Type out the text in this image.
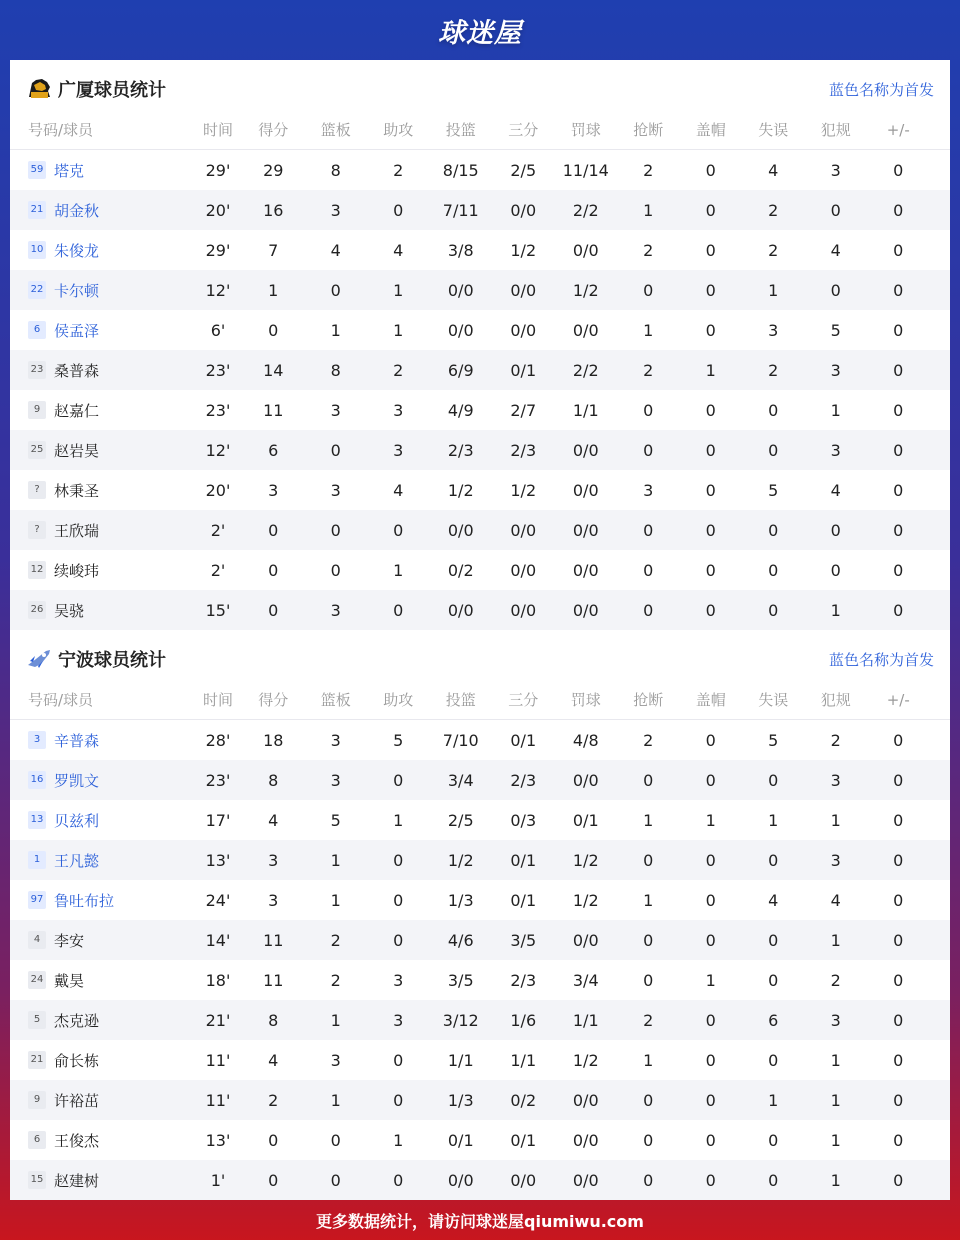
球迷屋
广厦球员统计	蓝色名称为首发
号码/球员	时间	得分	篮板	助攻	投篮	三分	罚球	抢断	盖帽	失误	犯规	+/-
59 塔克	29'	29	8	2	8/15	2/5	11/14	2	0	4	3	0
21 胡金秋	20'	16	3	0	7/11	0/0	2/2	1	0	2	0	0
10 朱俊龙	29'	7	4	4	3/8	1/2	0/0	2	0	2	4	0
22 卡尔顿	12'	1	0	1	0/0	0/0	1/2	0	0	1	0	0
6 侯孟泽	6'	0	1	1	0/0	0/0	0/0	1	0	3	5	0
23 桑普森	23'	14	8	2	6/9	0/1	2/2	2	1	2	3	0
9 赵嘉仁	23'	11	3	3	4/9	2/7	1/1	0	0	0	1	0
25 赵岩昊	12'	6	0	3	2/3	2/3	0/0	0	0	0	3	0
? 林秉圣	20'	3	3	4	1/2	1/2	0/0	3	0	5	4	0
? 王欣瑞	2'	0	0	0	0/0	0/0	0/0	0	0	0	0	0
12 续峻玮	2'	0	0	1	0/2	0/0	0/0	0	0	0	0	0
26 吴骁	15'	0	3	0	0/0	0/0	0/0	0	0	0	1	0
宁波球员统计	蓝色名称为首发
号码/球员	时间	得分	篮板	助攻	投篮	三分	罚球	抢断	盖帽	失误	犯规	+/-
3 辛普森	28'	18	3	5	7/10	0/1	4/8	2	0	5	2	0
16 罗凯文	23'	8	3	0	3/4	2/3	0/0	0	0	0	3	0
13 贝兹利	17'	4	5	1	2/5	0/3	0/1	1	1	1	1	0
1 王凡懿	13'	3	1	0	1/2	0/1	1/2	0	0	0	3	0
97 鲁吐布拉	24'	3	1	0	1/3	0/1	1/2	1	0	4	4	0
4 李安	14'	11	2	0	4/6	3/5	0/0	0	0	0	1	0
24 戴昊	18'	11	2	3	3/5	2/3	3/4	0	1	0	2	0
5 杰克逊	21'	8	1	3	3/12	1/6	1/1	2	0	6	3	0
21 俞长栋	11'	4	3	0	1/1	1/1	1/2	1	0	0	1	0
9 许裕茁	11'	2	1	0	1/3	0/2	0/0	0	0	1	1	0
6 王俊杰	13'	0	0	1	0/1	0/1	0/0	0	0	0	1	0
15 赵建树	1'	0	0	0	0/0	0/0	0/0	0	0	0	1	0
更多数据统计，请访问球迷屋qiumiwu.com
